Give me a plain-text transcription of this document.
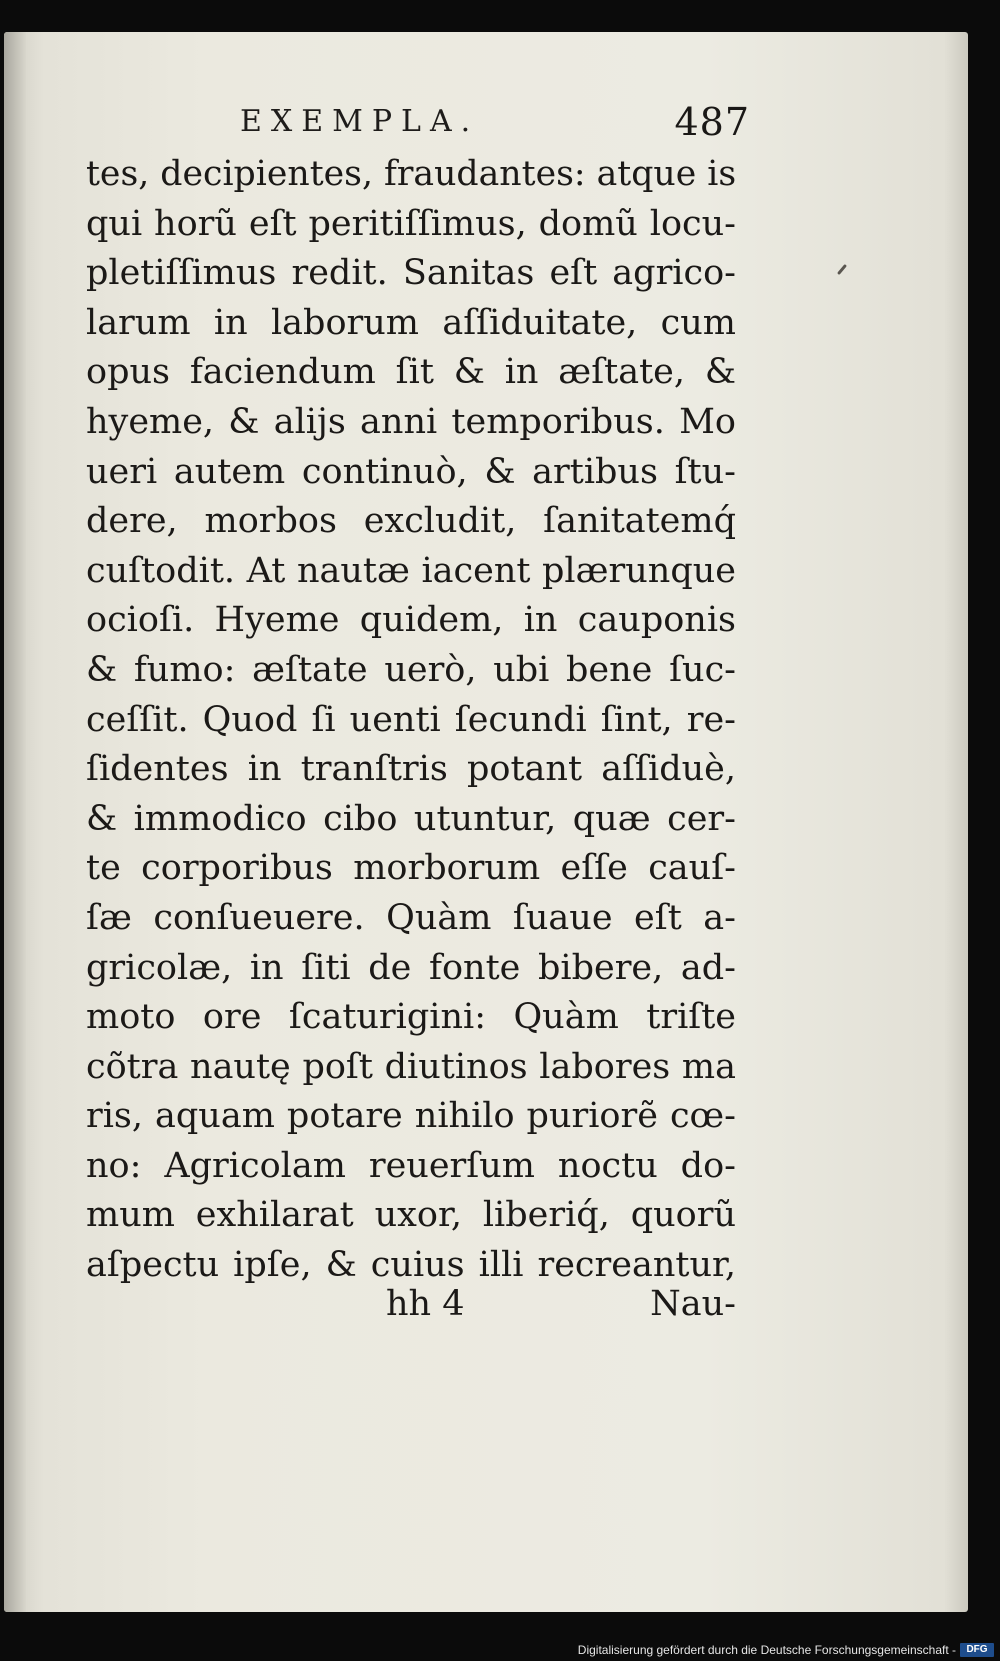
EXEMPLA.	487
tes, decipientes, fraudantes: atque is
qui horũ eſt peritiſſimus, domũ locu-
pletiſſimus redit. Sanitas eſt agrico-
larum in laborum aſſiduitate, cum
opus faciendum ſit & in æſtate, &
hyeme, & alijs anni temporibus. Mo
ueri autem continuò, & artibus ſtu-
dere, morbos excludit, ſanitatemq́
cuſtodit. At nautæ iacent plærunque
ocioſi. Hyeme quidem, in cauponis
& fumo: æſtate uerò, ubi bene ſuc-
ceſſit. Quod ſi uenti ſecundi ſint, re-
ſidentes in tranſtris potant aſſiduè,
& immodico cibo utuntur, quæ cer-
te corporibus morborum eſſe cauſ-
ſæ conſueuere. Quàm ſuaue eſt a-
gricolæ, in ſiti de fonte bibere, ad-
moto ore ſcaturigini: Quàm triſte
cõtra nautę poſt diutinos labores ma
ris, aquam potare nihilo puriorẽ cœ-
no: Agricolam reuerſum noctu do-
mum exhilarat uxor, liberiq́, quorũ
aſpectu ipſe, & cuius illi recreantur,
hh 4	Nau-
Digitalisierung gefördert durch die Deutsche Forschungsgemeinschaft -	DFG
